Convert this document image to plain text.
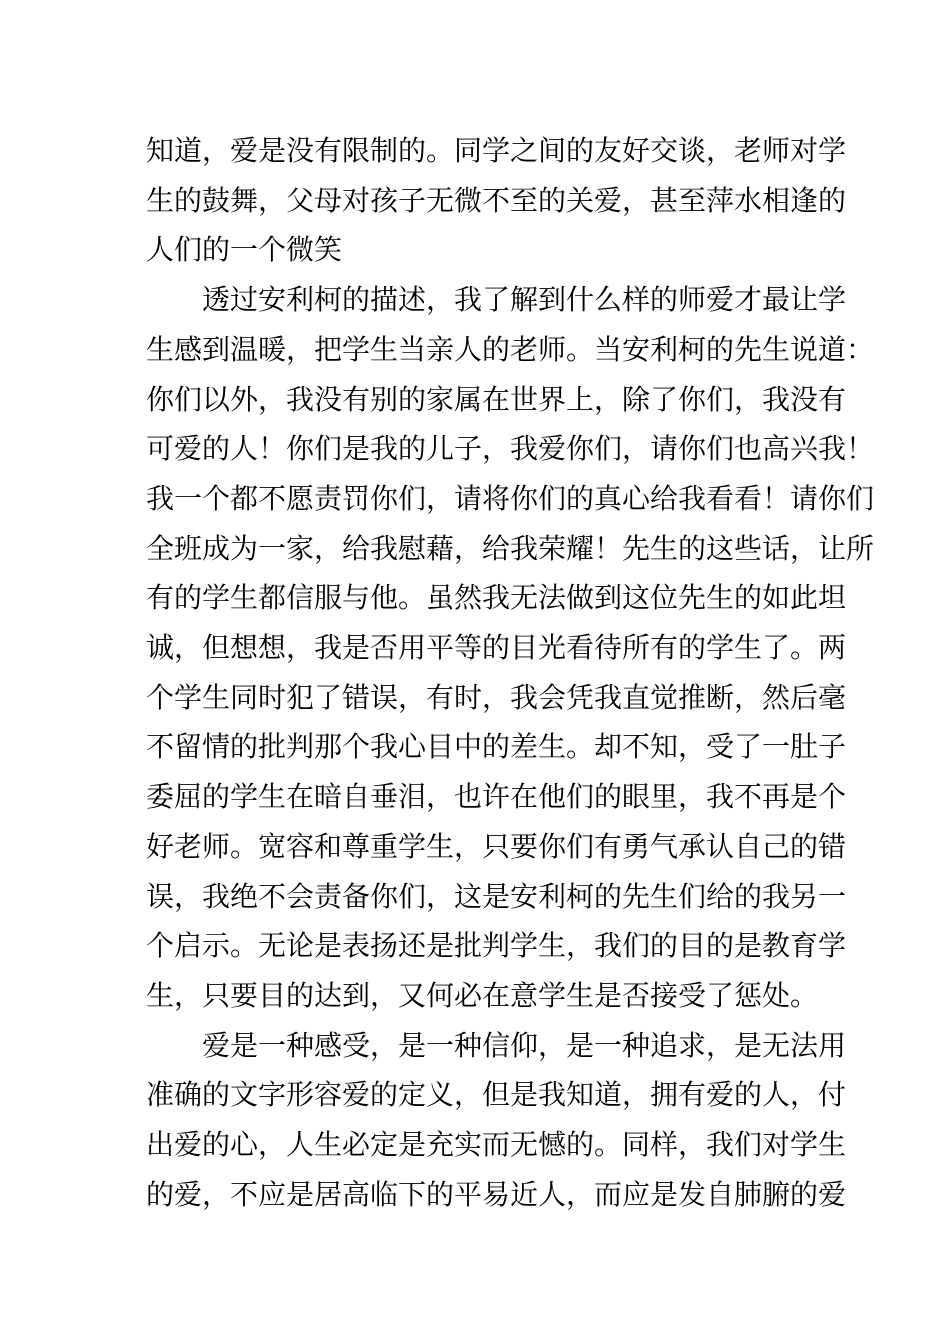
知道，爱是没有限制的。同学之间的友好交谈，老师对学
生的鼓舞，父母对孩子无微不至的关爱，甚至萍水相逢的
人们的一个微笑

透过安利柯的描述，我了解到什么样的师爱才最让学
生感到温暖，把学生当亲人的老师。当安利柯的先生说道：
你们以外，我没有别的家属在世界上，除了你们，我没有
可爱的人！你们是我的儿子，我爱你们，请你们也高兴我！
我一个都不愿责罚你们，请将你们的真心给我看看！请你们
全班成为一家，给我慰藉，给我荣耀！先生的这些话，让所
有的学生都信服与他。虽然我无法做到这位先生的如此坦
诚，但想想，我是否用平等的目光看待所有的学生了。两
个学生同时犯了错误，有时，我会凭我直觉推断，然后毫
不留情的批判那个我心目中的差生。却不知，受了一肚子
委屈的学生在暗自垂泪，也许在他们的眼里，我不再是个
好老师。宽容和尊重学生，只要你们有勇气承认自己的错
误，我绝不会责备你们，这是安利柯的先生们给的我另一
个启示。无论是表扬还是批判学生，我们的目的是教育学
生，只要目的达到，又何必在意学生是否接受了惩处。

爱是一种感受，是一种信仰，是一种追求，是无法用
准确的文字形容爱的定义，但是我知道，拥有爱的人，付
出爱的心，人生必定是充实而无憾的。同样，我们对学生
的爱，不应是居高临下的平易近人，而应是发自肺腑的爱
